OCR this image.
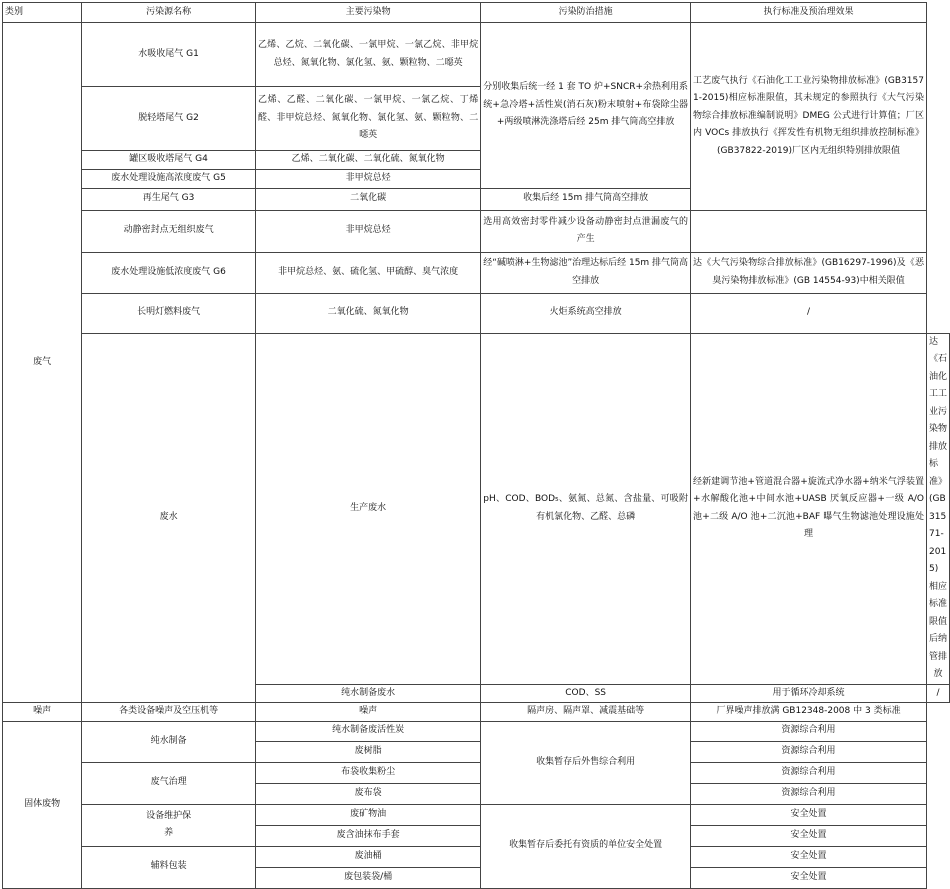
类别	污染源名称	主要污染物	污染防治措施	执行标准及预治理效果	
废气	水吸收尾气 G1	乙烯、乙烷、二氧化碳、一氯甲烷、一氯乙烷、非甲烷总烃、氮氧化物、氯化氢、氨、颗粒物、二噁英	分别收集后统一经 1 套 TO 炉+SNCR+余热利用系统+急冷塔+活性炭(消石灰)粉末喷射+布袋除尘器+两级喷淋洗涤塔后经 25m 排气筒高空排放	工艺废气执行《石油化工工业污染物排放标准》(GB31571-2015)相应标准限值，其未规定的参照执行《大气污染物综合排放标准编制说明》DMEG 公式进行计算值；厂区内 VOCs 排放执行《挥发性有机物无组织排放控制标准》(GB37822-2019)厂区内无组织特别排放限值	
	脱轻塔尾气 G2	乙烯、乙醛、二氧化碳、一氯甲烷、一氯乙烷、丁烯醛、非甲烷总烃、氮氧化物、氯化氢、氨、颗粒物、二噁英			
	罐区吸收塔尾气 G4	乙烯、二氧化碳、二氧化硫、氮氧化物			
	废水处理设施高浓度废气 G5	非甲烷总烃			
	再生尾气 G3	二氧化碳	收集后经 15m 排气筒高空排放		
	动静密封点无组织废气	非甲烷总烃	选用高效密封零件减少设备动静密封点泄漏废气的产生		
	废水处理设施低浓度废气 G6	非甲烷总烃、氨、硫化氢、甲硫醇、臭气浓度	经“碱喷淋+生物滤池”治理达标后经 15m 排气筒高空排放	达《大气污染物综合排放标准》(GB16297-1996)及《恶臭污染物排放标准》(GB 14554-93)中相关限值	
	长明灯燃料废气	二氧化硫、氮氧化物	火炬系统高空排放	/	
	废水	生产废水	pH、COD、BOD₅、氨氮、总氮、含盐量、可吸附有机氯化物、乙醛、总磷	经新建调节池+管道混合器+旋流式净水器+纳米气浮装置+水解酸化池+中间水池+UASB 厌氧反应器+一级 A/O 池+二级 A/O 池+二沉池+BAF 曝气生物滤池处理设施处理	达《石油化工工业污染物排放标准》(GB31571-2015)相应标准限值后纳管排放
		纯水制备废水	COD、SS	用于循环冷却系统	/
噪声	各类设备噪声及空压机等	噪声	隔声房、隔声罩、减震基础等	厂界噪声排放满 GB12348-2008 中 3 类标准	
固体废物	纯水制备	纯水制备废活性炭	收集暂存后外售综合利用	资源综合利用	
		废树脂		资源综合利用	
	废气治理	布袋收集粉尘		资源综合利用	
		废布袋		资源综合利用	
	设备维护保养	废矿物油	收集暂存后委托有资质的单位安全处置	安全处置	
		废含油抹布手套		安全处置	
	辅料包装	废油桶		安全处置	
		废包装袋/桶		安全处置	
